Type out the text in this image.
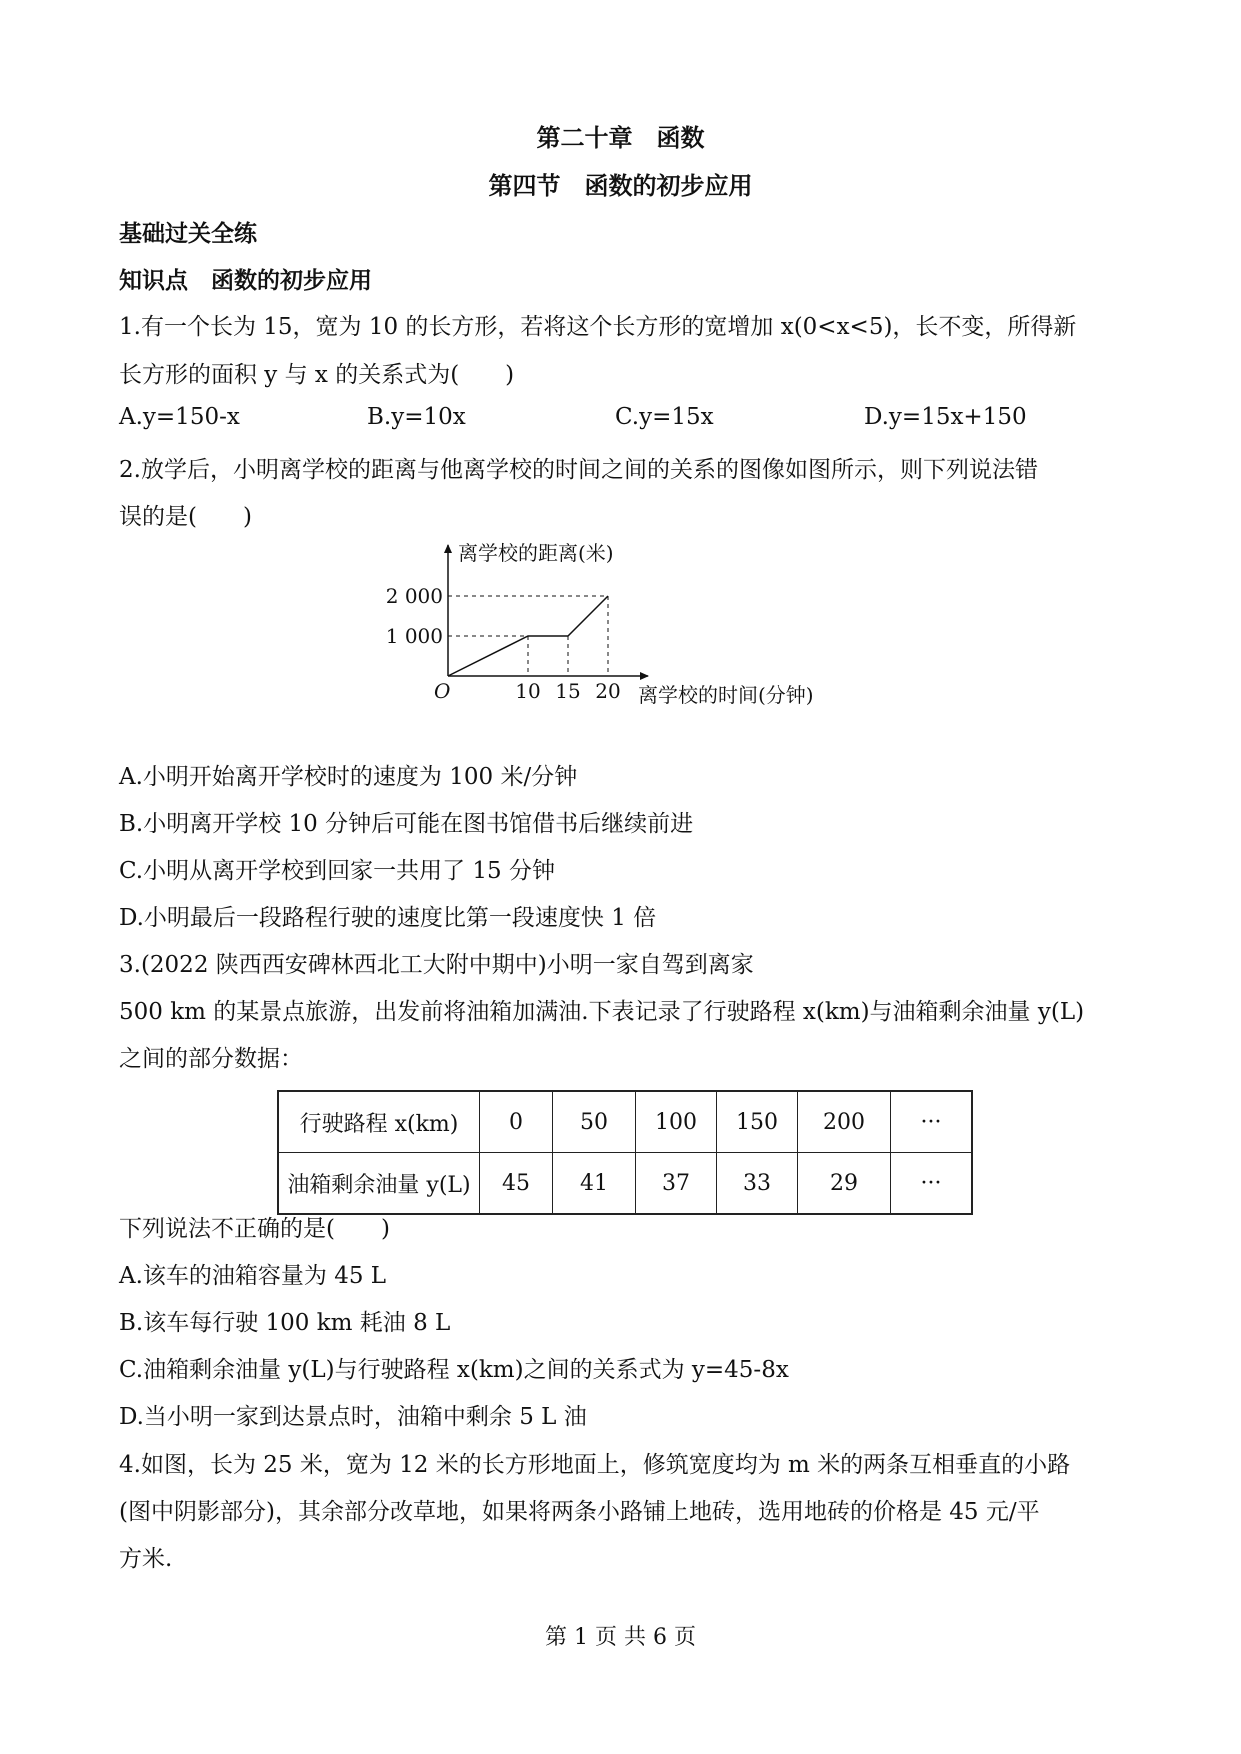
第二十章　函数
第四节　函数的初步应用
基础过关全练
知识点　函数的初步应用
1.有一个长为 15，宽为 10 的长方形，若将这个长方形的宽增加 x(0<x<5)，长不变，所得新
长方形的面积 y 与 x 的关系式为(　　)
A.y=150-x	B.y=10x	C.y=15x	D.y=15x+150
2.放学后，小明离学校的距离与他离学校的时间之间的关系的图像如图所示，则下列说法错
误的是(　　)
1 000
2 000
10 15 20
离学校的距离(米)
离学校的时间(分钟)
O
A.小明开始离开学校时的速度为 100 米/分钟
B.小明离开学校 10 分钟后可能在图书馆借书后继续前进
C.小明从离开学校到回家一共用了 15 分钟
D.小明最后一段路程行驶的速度比第一段速度快 1 倍
3.(2022 陕西西安碑林西北工大附中期中)小明一家自驾到离家
500 km 的某景点旅游，出发前将油箱加满油.下表记录了行驶路程 x(km)与油箱剩余油量 y(L)
之间的部分数据：
行驶路程 x(km)	0	50	100	150	200	···
油箱剩余油量 y(L)	45	41	37	33	29	···
下列说法不正确的是(　　)
A.该车的油箱容量为 45 L
B.该车每行驶 100 km 耗油 8 L
C.油箱剩余油量 y(L)与行驶路程 x(km)之间的关系式为 y=45-8x
D.当小明一家到达景点时，油箱中剩余 5 L 油
4.如图，长为 25 米，宽为 12 米的长方形地面上，修筑宽度均为 m 米的两条互相垂直的小路
(图中阴影部分)，其余部分改草地，如果将两条小路铺上地砖，选用地砖的价格是 45 元/平
方米.
第 1 页 共 6 页
